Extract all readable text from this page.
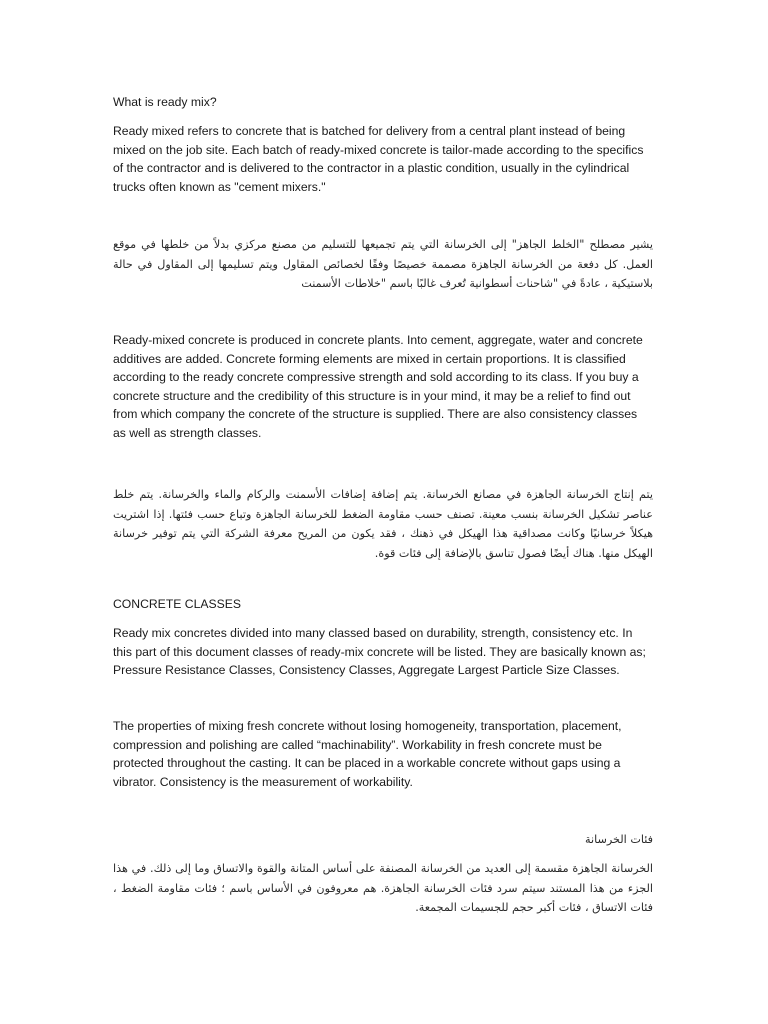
What is ready mix?

Ready mixed refers to concrete that is batched for delivery from a central plant instead of being mixed on the job site. Each batch of ready-mixed concrete is tailor-made according to the specifics of the contractor and is delivered to the contractor in a plastic condition, usually in the cylindrical trucks often known as "cement mixers."

يشير مصطلح "الخلط الجاهز" إلى الخرسانة التي يتم تجميعها للتسليم من مصنع مركزي بدلاً من خلطها في موقع العمل. كل دفعة من الخرسانة الجاهزة مصممة خصيصًا وفقًا لخصائص المقاول ويتم تسليمها إلى المقاول في حالة بلاستيكية ، عادةً في "شاحنات أسطوانية تُعرف غالبًا باسم "خلاطات الأسمنت

Ready-mixed concrete is produced in concrete plants. Into cement, aggregate, water and concrete additives are added. Concrete forming elements are mixed in certain proportions. It is classified according to the ready concrete compressive strength and sold according to its class. If you buy a concrete structure and the credibility of this structure is in your mind, it may be a relief to find out from which company the concrete of the structure is supplied. There are also consistency classes as well as strength classes.

يتم إنتاج الخرسانة الجاهزة في مصانع الخرسانة. يتم إضافة إضافات الأسمنت والركام والماء والخرسانة. يتم خلط عناصر تشكيل الخرسانة بنسب معينة. تصنف حسب مقاومة الضغط للخرسانة الجاهزة وتباع حسب فئتها. إذا اشتريت هيكلاً خرسانيًا وكانت مصداقية هذا الهيكل في ذهنك ، فقد يكون من المريح معرفة الشركة التي يتم توفير خرسانة الهيكل منها. هناك أيضًا فصول تناسق بالإضافة إلى فئات قوة.

CONCRETE CLASSES

Ready mix concretes divided into many classed based on durability, strength, consistency etc. In this part of this document classes of ready-mix concrete will be listed. They are basically known as; Pressure Resistance Classes, Consistency Classes, Aggregate Largest Particle Size Classes.

The properties of mixing fresh concrete without losing homogeneity, transportation, placement, compression and polishing are called “machinability”. Workability in fresh concrete must be protected throughout the casting. It can be placed in a workable concrete without gaps using a vibrator. Consistency is the measurement of workability.

فئات الخرسانة

الخرسانة الجاهزة مقسمة إلى العديد من الخرسانة المصنفة على أساس المتانة والقوة والاتساق وما إلى ذلك. في هذا الجزء من هذا المستند سيتم سرد فئات الخرسانة الجاهزة. هم معروفون في الأساس باسم ؛ فئات مقاومة الضغط ، فئات الاتساق ، فئات أكبر حجم للجسيمات المجمعة.
